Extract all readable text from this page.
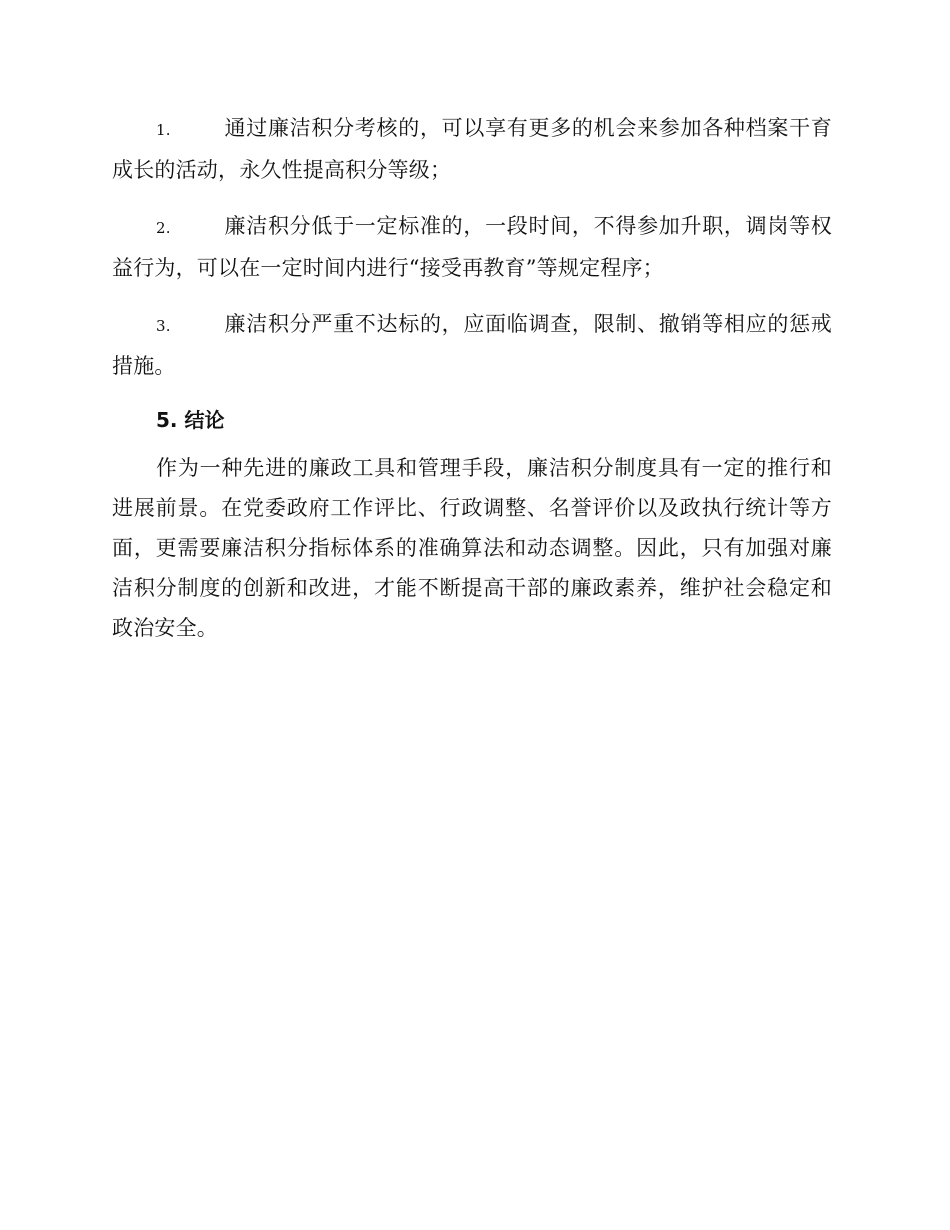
1.	通过廉洁积分考核的，可以享有更多的机会来参加各种档案干育成长的活动，永久性提高积分等级；

2.	廉洁积分低于一定标准的，一段时间，不得参加升职，调岗等权益行为，可以在一定时间内进行“接受再教育”等规定程序；

3.	廉洁积分严重不达标的，应面临调查，限制、撤销等相应的惩戒措施。

5. 结论

作为一种先进的廉政工具和管理手段，廉洁积分制度具有一定的推行和进展前景。在党委政府工作评比、行政调整、名誉评价以及政执行统计等方面，更需要廉洁积分指标体系的准确算法和动态调整。因此，只有加强对廉洁积分制度的创新和改进，才能不断提高干部的廉政素养，维护社会稳定和政治安全。
